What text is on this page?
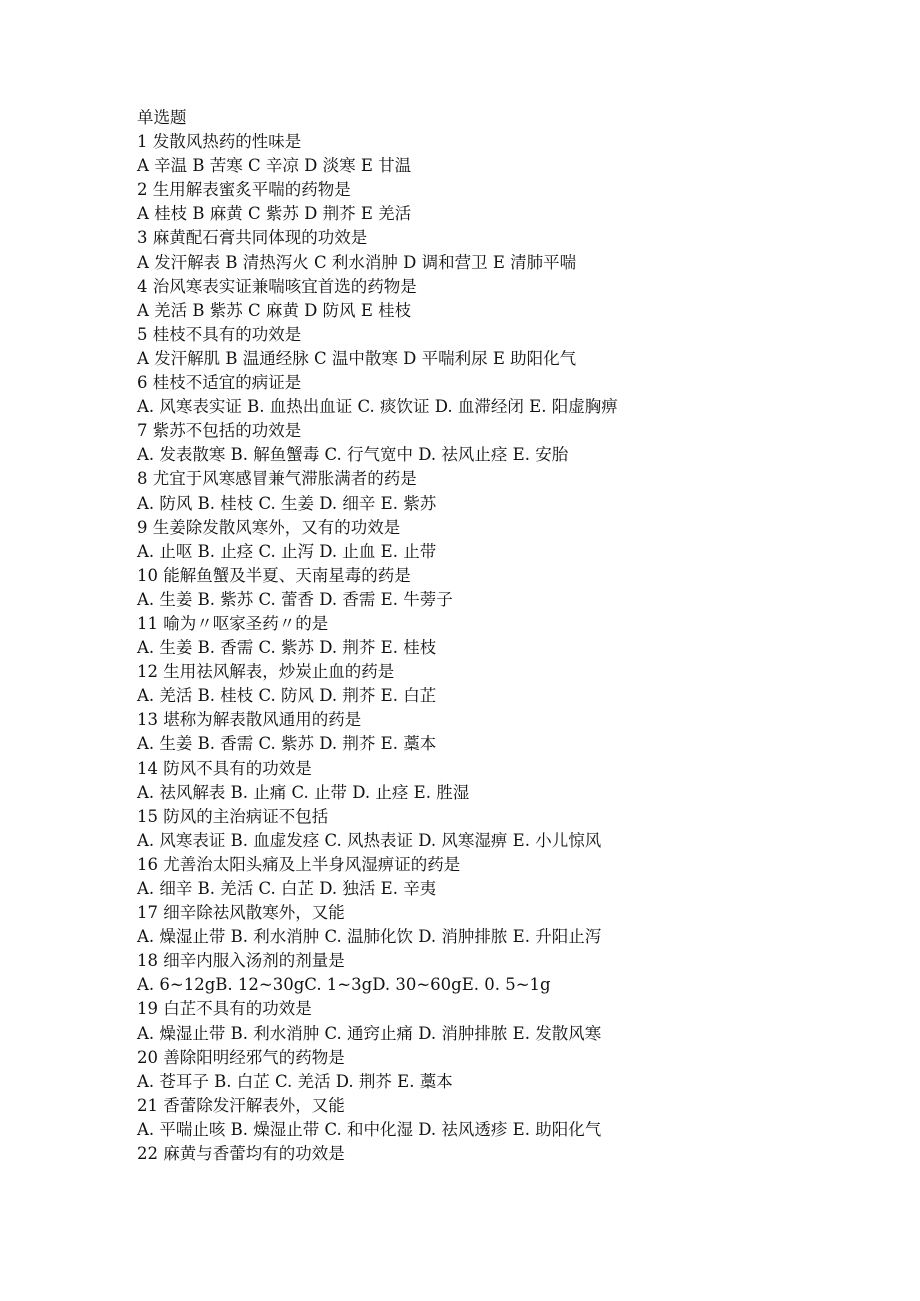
单选题
1 发散风热药的性味是
A 辛温 B 苦寒 C 辛凉 D 淡寒 E 甘温
2 生用解表蜜炙平喘的药物是
A 桂枝 B 麻黄 C 紫苏 D 荆芥 E 羌活
3 麻黄配石膏共同体现的功效是
A 发汗解表 B 清热泻火 C 利水消肿 D 调和营卫 E 清肺平喘
4 治风寒表实证兼喘咳宜首选的药物是
A 羌活 B 紫苏 C 麻黄 D 防风 E 桂枝
5 桂枝不具有的功效是
A 发汗解肌 B 温通经脉 C 温中散寒 D 平喘利尿 E 助阳化气
6 桂枝不适宜的病证是
A. 风寒表实证 B. 血热出血证 C. 痰饮证 D. 血滞经闭 E. 阳虚胸痹
7 紫苏不包括的功效是
A. 发表散寒 B. 解鱼蟹毒 C. 行气宽中 D. 祛风止痉 E. 安胎
8 尤宜于风寒感冒兼气滞胀满者的药是
A. 防风 B. 桂枝 C. 生姜 D. 细辛 E. 紫苏
9 生姜除发散风寒外，又有的功效是
A. 止呕 B. 止痉 C. 止泻 D. 止血 E. 止带
10 能解鱼蟹及半夏、天南星毒的药是
A. 生姜 B. 紫苏 C. 蕾香 D. 香需 E. 牛蒡子
11 喻为〃呕家圣药〃的是
A. 生姜 B. 香需 C. 紫苏 D. 荆芥 E. 桂枝
12 生用祛风解表，炒炭止血的药是
A. 羌活 B. 桂枝 C. 防风 D. 荆芥 E. 白芷
13 堪称为解表散风通用的药是
A. 生姜 B. 香需 C. 紫苏 D. 荆芥 E. 藁本
14 防风不具有的功效是
A. 祛风解表 B. 止痛 C. 止带 D. 止痉 E. 胜湿
15 防风的主治病证不包括
A. 风寒表证 B. 血虚发痉 C. 风热表证 D. 风寒湿痹 E. 小儿惊风
16 尤善治太阳头痛及上半身风湿痹证的药是
A. 细辛 B. 羌活 C. 白芷 D. 独活 E. 辛夷
17 细辛除祛风散寒外，又能
A. 燥湿止带 B. 利水消肿 C. 温肺化饮 D. 消肿排脓 E. 升阳止泻
18 细辛内服入汤剂的剂量是
A. 6~12gB. 12~30gC. 1~3gD. 30~60gE. 0. 5~1g
19 白芷不具有的功效是
A. 燥湿止带 B. 利水消肿 C. 通窍止痛 D. 消肿排脓 E. 发散风寒
20 善除阳明经邪气的药物是
A. 苍耳子 B. 白芷 C. 羌活 D. 荆芥 E. 藁本
21 香蕾除发汗解表外，又能
A. 平喘止咳 B. 燥湿止带 C. 和中化湿 D. 祛风透疹 E. 助阳化气
22 麻黄与香蕾均有的功效是
